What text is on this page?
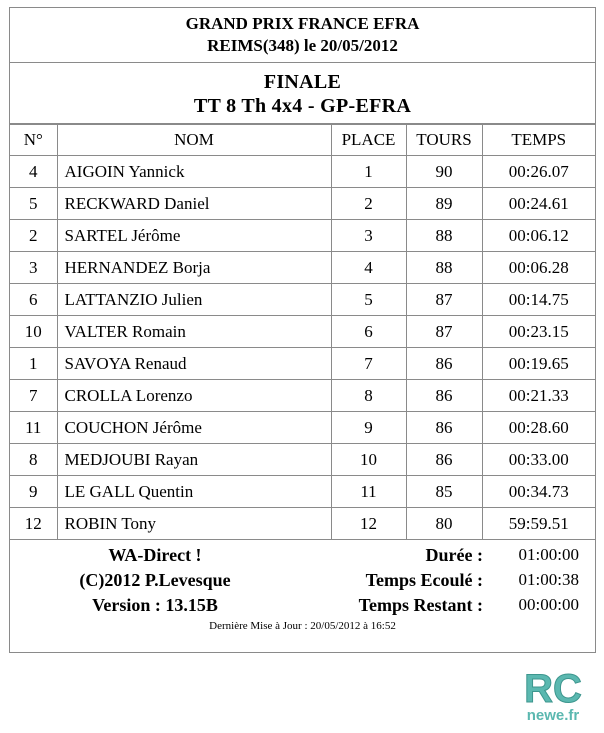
GRAND PRIX FRANCE EFRA
REIMS(348) le 20/05/2012
FINALE
TT 8 Th 4x4 - GP-EFRA
N°	NOM	PLACE	TOURS	TEMPS
4	AIGOIN Yannick	1	90	00:26.07
5	RECKWARD Daniel	2	89	00:24.61
2	SARTEL Jérôme	3	88	00:06.12
3	HERNANDEZ Borja	4	88	00:06.28
6	LATTANZIO Julien	5	87	00:14.75
10	VALTER Romain	6	87	00:23.15
1	SAVOYA Renaud	7	86	00:19.65
7	CROLLA Lorenzo	8	86	00:21.33
11	COUCHON Jérôme	9	86	00:28.60
8	MEDJOUBI Rayan	10	86	00:33.00
9	LE GALL Quentin	11	85	00:34.73
12	ROBIN Tony	12	80	59:59.51
WA-Direct !	Durée : 01:00:00
(C)2012 P.Levesque	Temps Ecoulé : 01:00:38
Version : 13.15B	Temps Restant : 00:00:00
Dernière Mise à Jour : 20/05/2012 à 16:52
RC
newe.fr
